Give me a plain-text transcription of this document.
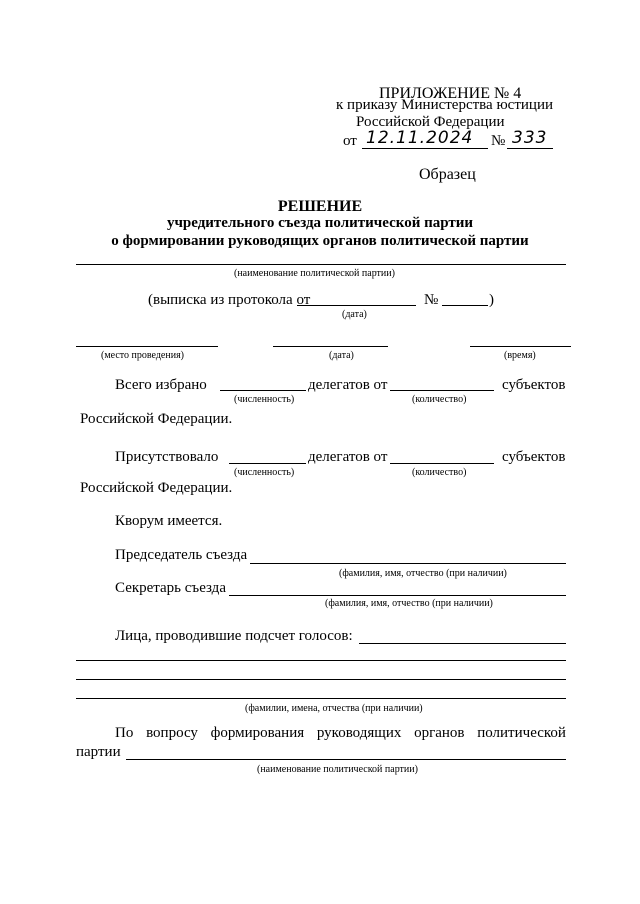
ПРИЛОЖЕНИЕ № 4
к приказу Министерства юстиции
Российской Федерации
от 12.11.2024 № 333
Образец
РЕШЕНИЕ
учредительного съезда политической партии
о формировании руководящих органов политической партии
(наименование политической партии)
(выписка из протокола от	№	)
(дата)
(место проведения)	(дата)	(время)
Всего избрано	делегатов от	субъектов
(численность)	(количество)
Российской Федерации.
Присутствовало	делегатов от	субъектов
(численность)	(количество)
Российской Федерации.
Кворум имеется.
Председатель съезда
(фамилия, имя, отчество (при наличии)
Секретарь съезда
(фамилия, имя, отчество (при наличии)
Лица, проводившие подсчет голосов:
(фамилии, имена, отчества (при наличии)
По вопросу формирования руководящих органов политической
партии
(наименование политической партии)
